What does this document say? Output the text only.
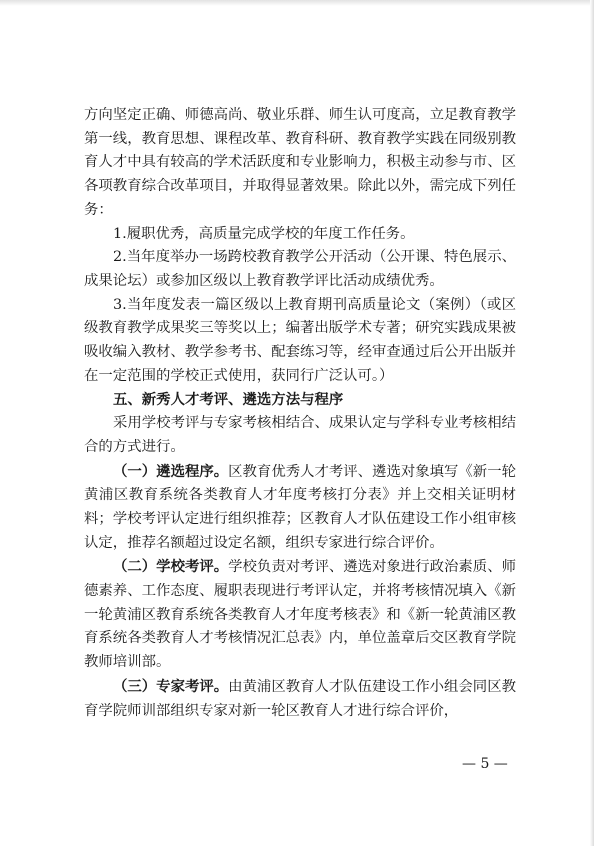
方向坚定正确、师德高尚、敬业乐群、师生认可度高，立足教育教学第一线，教育思想、课程改革、教育科研、教育教学实践在同级别教育人才中具有较高的学术活跃度和专业影响力，积极主动参与市、区各项教育综合改革项目，并取得显著效果。除此以外，需完成下列任务：

1.履职优秀，高质量完成学校的年度工作任务。

2.当年度举办一场跨校教育教学公开活动（公开课、特色展示、成果论坛）或参加区级以上教育教学评比活动成绩优秀。

3.当年度发表一篇区级以上教育期刊高质量论文（案例）（或区级教育教学成果奖三等奖以上；编著出版学术专著；研究实践成果被吸收编入教材、教学参考书、配套练习等，经审查通过后公开出版并在一定范围的学校正式使用，获同行广泛认可。）

五、新秀人才考评、遴选方法与程序

采用学校考评与专家考核相结合、成果认定与学科专业考核相结合的方式进行。

（一）遴选程序。区教育优秀人才考评、遴选对象填写《新一轮黄浦区教育系统各类教育人才年度考核打分表》并上交相关证明材料；学校考评认定进行组织推荐；区教育人才队伍建设工作小组审核认定，推荐名额超过设定名额，组织专家进行综合评价。

（二）学校考评。学校负责对考评、遴选对象进行政治素质、师德素养、工作态度、履职表现进行考评认定，并将考核情况填入《新一轮黄浦区教育系统各类教育人才年度考核表》和《新一轮黄浦区教育系统各类教育人才考核情况汇总表》内，单位盖章后交区教育学院教师培训部。

（三）专家考评。由黄浦区教育人才队伍建设工作小组会同区教育学院师训部组织专家对新一轮区教育人才进行综合评价，

— 5 —
